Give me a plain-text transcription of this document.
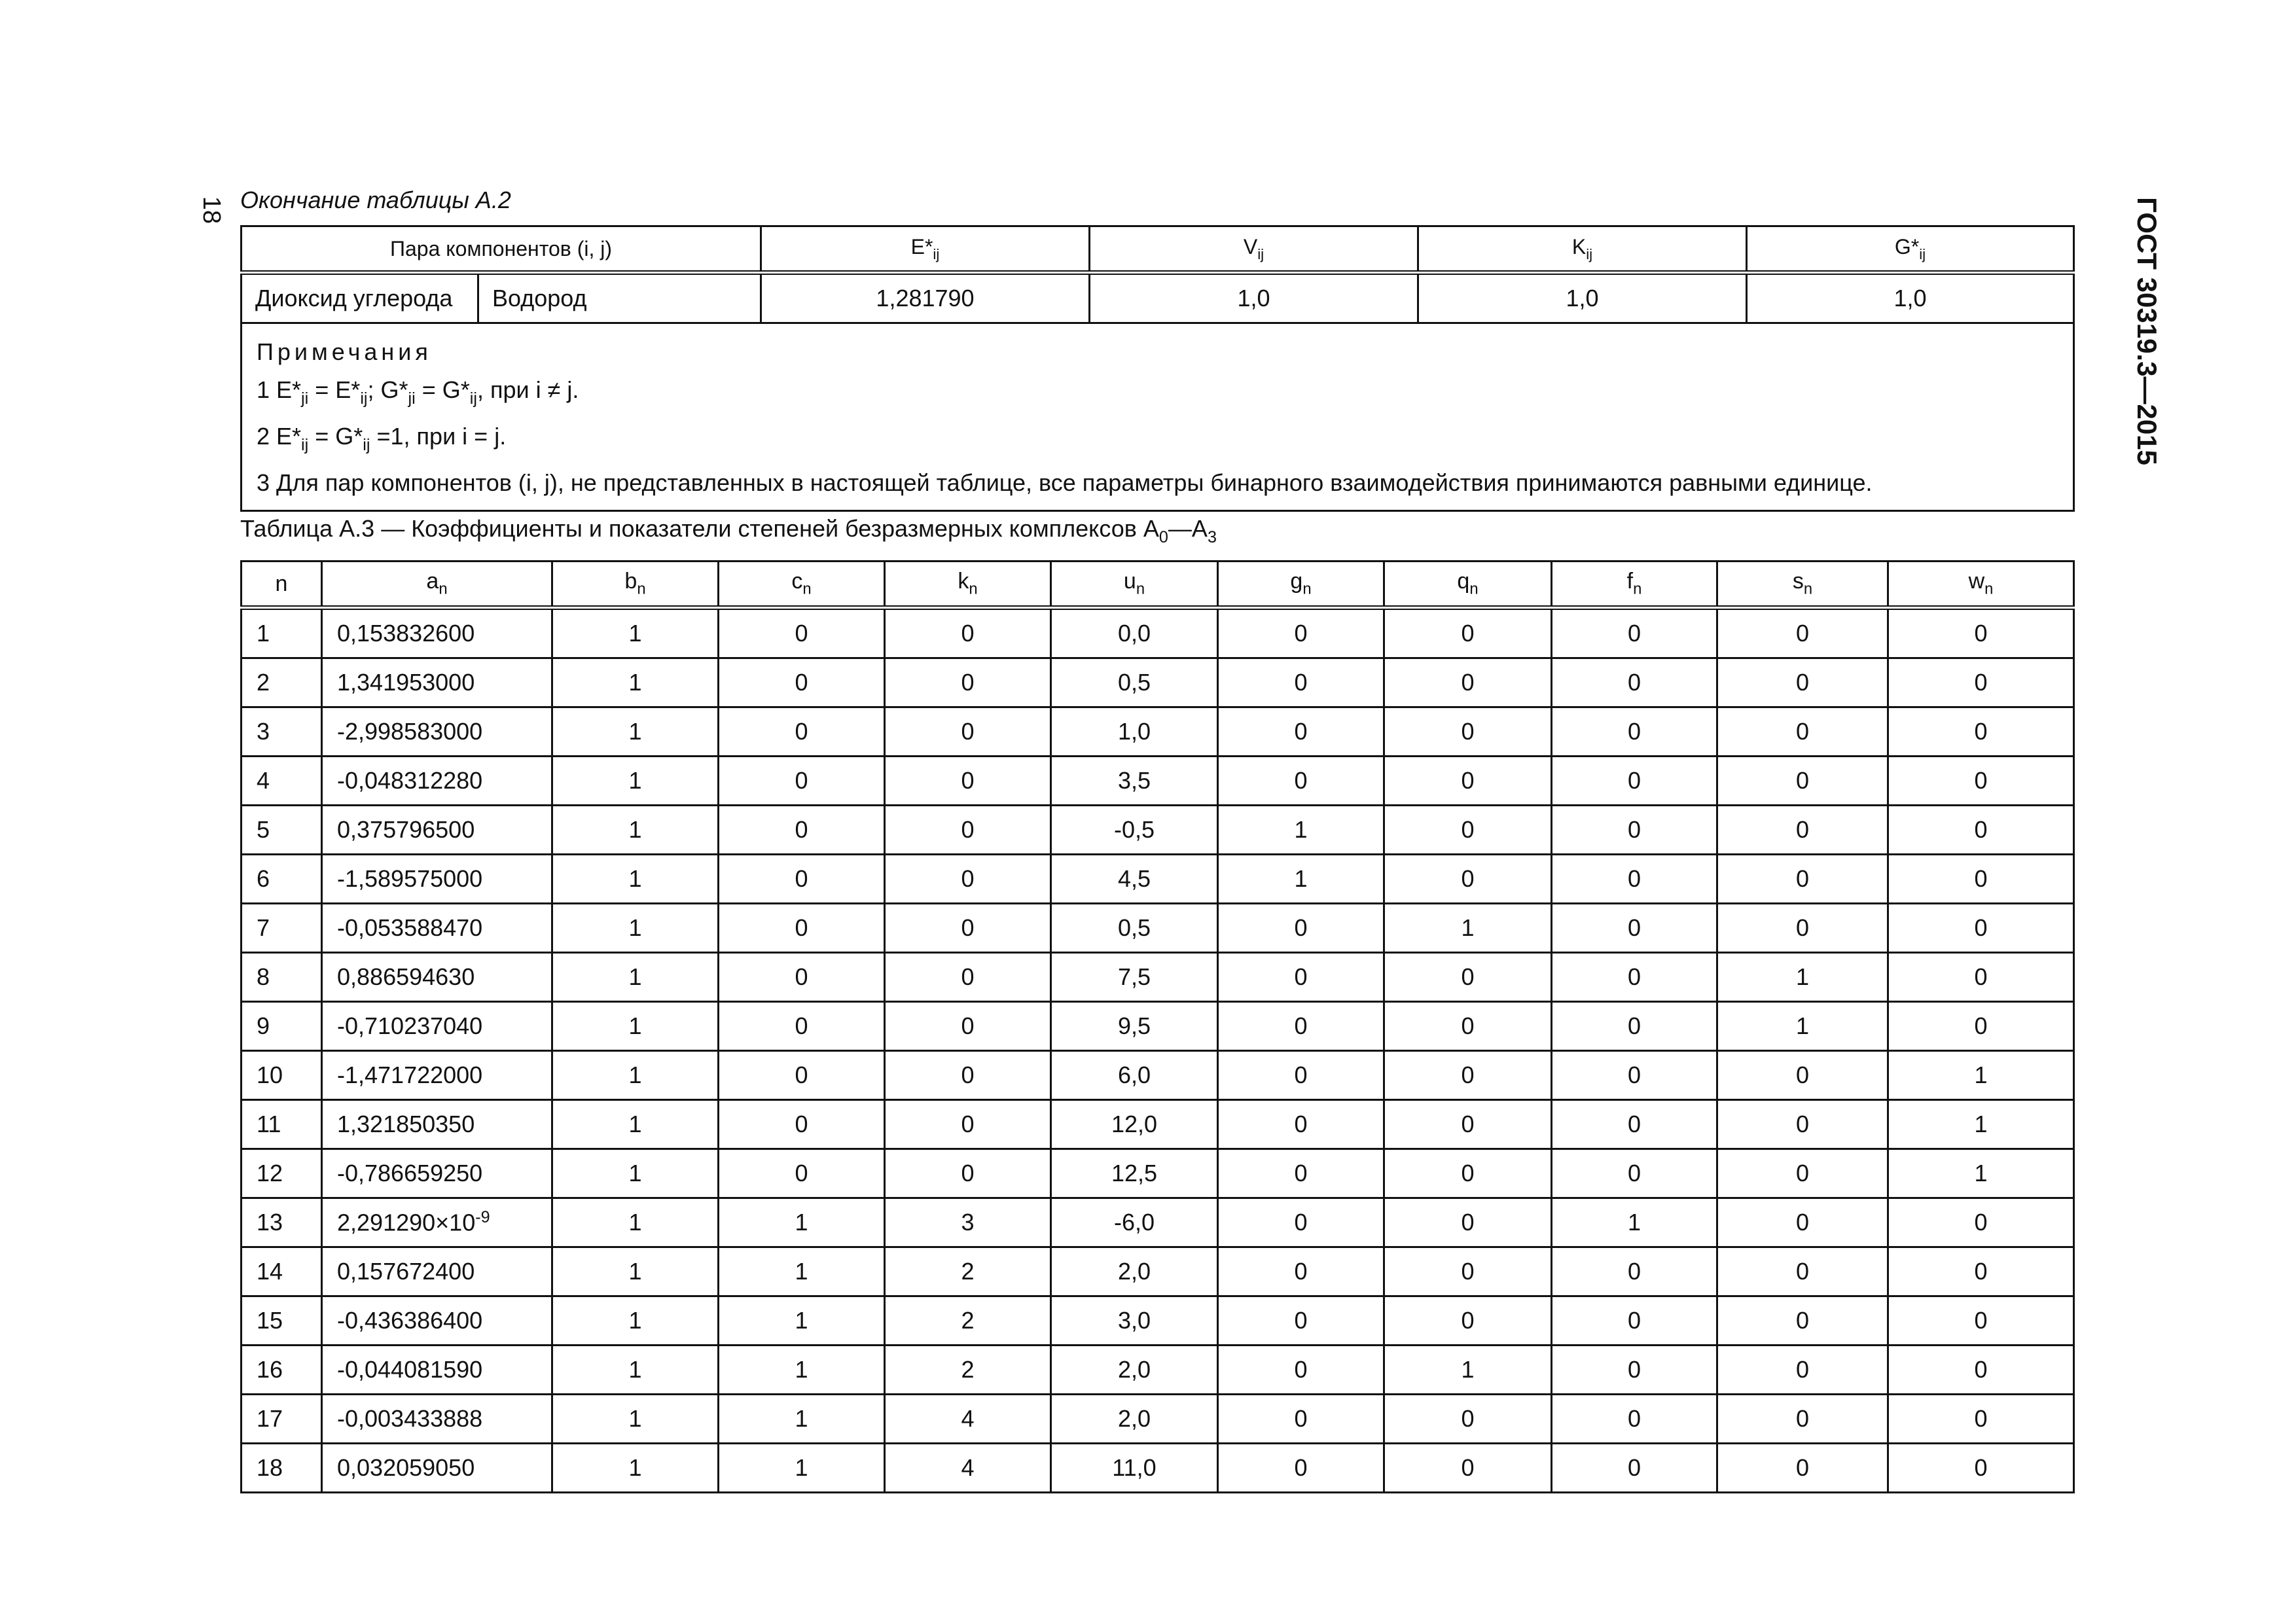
18	ГОСТ 30319.3—2015
Окончание таблицы А.2
Пара компонентов (i, j)		$E*_{ij}$	$V_{ij}$	$K_{ij}$	$G*_{ij}$
Диоксид углерода	Водород	1,281790	1,0	1,0	1,0

Примечания
1 $E*_{ji} = E*_{ij}$; $G*_{ji} = G*_{ij}$, при i ≠ j.
2 $E*_{ij} = G*_{ij} =1$, при i = j.
3 Для пар компонентов (i, j), не представленных в настоящей таблице, все параметры бинарного взаимодействия принимаются равными единице.					
Таблица А.3 — Коэффициенты и показатели степеней безразмерных комплексов $A_0—A_3$
n	$a_n$	$b_n$	$c_n$	$k_n$	$u_n$	$g_n$	$q_n$	$f_n$	$s_n$	$w_n$
1	0,153832600	1	0	0	0,0	0	0	0	0	0
2	1,341953000	1	0	0	0,5	0	0	0	0	0
3	-2,998583000	1	0	0	1,0	0	0	0	0	0
4	-0,048312280	1	0	0	3,5	0	0	0	0	0
5	0,375796500	1	0	0	-0,5	1	0	0	0	0
6	-1,589575000	1	0	0	4,5	1	0	0	0	0
7	-0,053588470	1	0	0	0,5	0	1	0	0	0
8	0,886594630	1	0	0	7,5	0	0	0	1	0
9	-0,710237040	1	0	0	9,5	0	0	0	1	0
10	-1,471722000	1	0	0	6,0	0	0	0	0	1
11	1,321850350	1	0	0	12,0	0	0	0	0	1
12	-0,786659250	1	0	0	12,5	0	0	0	0	1
13	$2,291290\times 10^{-9}$	1	1	3	-6,0	0	0	1	0	0
14	0,157672400	1	1	2	2,0	0	0	0	0	0
15	-0,436386400	1	1	2	3,0	0	0	0	0	0
16	-0,044081590	1	1	2	2,0	0	1	0	0	0
17	-0,003433888	1	1	4	2,0	0	0	0	0	0
18	0,032059050	1	1	4	11,0	0	0	0	0	0
